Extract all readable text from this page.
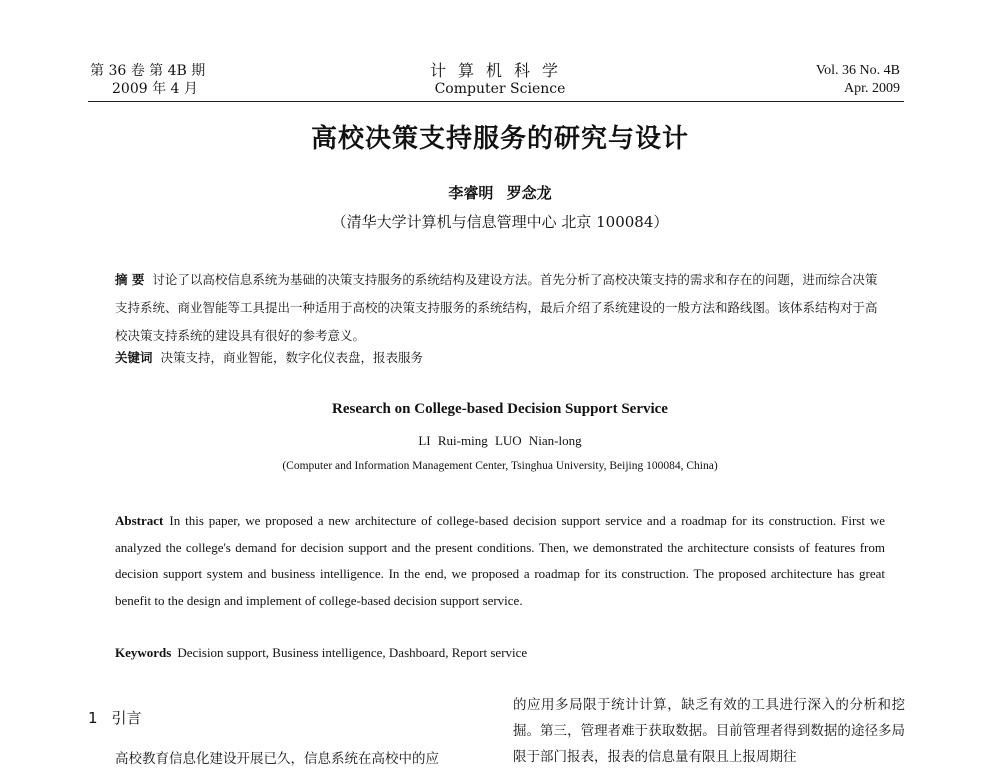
第 36 卷 第 4B 期
2009 年 4 月
计算机科学
Computer Science
Vol. 36 No. 4B
Apr. 2009
高校决策支持服务的研究与设计
李睿明 罗念龙
（清华大学计算机与信息管理中心 北京 100084）
摘 要 讨论了以高校信息系统为基础的决策支持服务的系统结构及建设方法。首先分析了高校决策支持的需求和存在的问题，进而综合决策支持系统、商业智能等工具提出一种适用于高校的决策支持服务的系统结构，最后介绍了系统建设的一般方法和路线图。该体系结构对于高校决策支持系统的建设具有很好的参考意义。
关键词 决策支持，商业智能，数字化仪表盘，报表服务
Research on College-based Decision Support Service
LI Rui-ming LUO Nian-long
(Computer and Information Management Center, Tsinghua University, Beijing 100084, China)
Abstract In this paper, we proposed a new architecture of college-based decision support service and a roadmap for its construction. First we analyzed the college's demand for decision support and the present conditions. Then, we demonstrated the architecture consists of features from decision support system and business intelligence. In the end, we proposed a roadmap for its construction. The proposed architecture has great benefit to the design and implement of college-based decision support service.
Keywords Decision support, Business intelligence, Dashboard, Report service
1 引言
高校教育信息化建设开展已久，信息系统在高校中的应
的应用多局限于统计计算，缺乏有效的工具进行深入的分析和挖掘。第三，管理者难于获取数据。目前管理者得到数据的途径多局限于部门报表，报表的信息量有限且上报周期往
